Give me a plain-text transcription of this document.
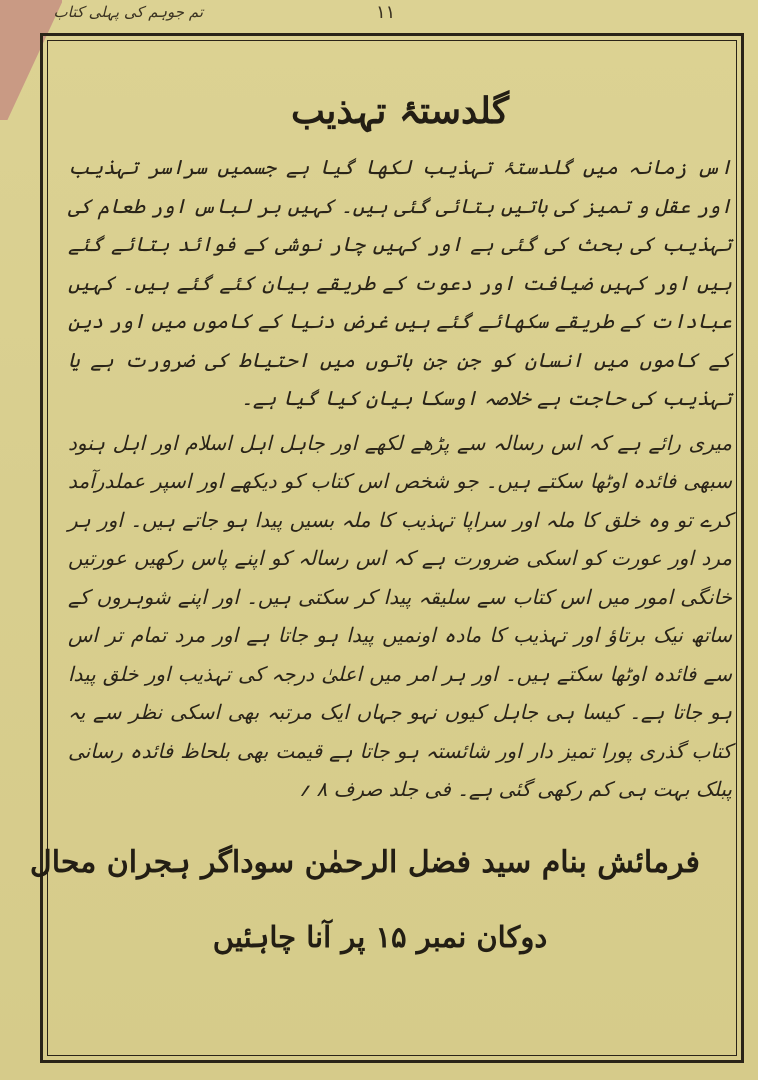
تم جوہم کی پہلی کتاب	۱۱
گلدستۂ تہذیب

اس زمانہ میں گلدستۂ تہذیب لکھا گیا ہے جسمیں سراسر تہذیب اور عقل و تمیز کی باتیں بتائی گئی ہیں۔ کہیں بر لباس اور طعام کی تہذیب کی بحث کی گئی ہے اور کہیں چار نوشی کے فوائد بتائے گئے ہیں اور کہیں ضیافت اور دعوت کے طریقے بیان کئے گئے ہیں۔ کہیں عبادات کے طریقے سکھائے گئے ہیں غرض دنیا کے کاموں میں اور دین کے کاموں میں انسان کو جن جن باتوں میں احتیاط کی ضرورت ہے یا تہذیب کی حاجت ہے خلاصہ اوسکا بیان کیا گیا ہے۔

میری رائے ہے کہ اس رسالہ سے پڑھے لکھے اور جاہل اہل اسلام اور اہل ہنود سبھی فائدہ اوٹھا سکتے ہیں۔ جو شخص اس کتاب کو دیکھے اور اسپر عملدرآمد کرے تو وہ خلق کا ملہ اور سراپا تہذیب کا ملہ بسیں پیدا ہو جاتے ہیں۔ اور ہر مرد اور عورت کو اسکی ضرورت ہے کہ اس رسالہ کو اپنے پاس رکھیں عورتیں خانگی امور میں اس کتاب سے سلیقہ پیدا کر سکتی ہیں۔ اور اپنے شوہروں کے ساتھ نیک برتاؤ اور تہذیب کا مادہ اونمیں پیدا ہو جاتا ہے اور مرد تمام تر اس سے فائدہ اوٹھا سکتے ہیں۔ اور ہر امر میں اعلیٰ درجہ کی تہذیب اور خلق پیدا ہو جاتا ہے۔ کیسا ہی جاہل کیوں نہو جہاں ایک مرتبہ بھی اسکی نظر سے یہ کتاب گذری پورا تمیز دار اور شائستہ ہو جاتا ہے قیمت بھی بلحاظ فائدہ رسانی پبلک بہت ہی کم رکھی گئی ہے۔ فی جلد صرف ۸ ؍

فرمائش بنام سید فضل الرحمٰن سوداگر ہجران محال
دوکان نمبر ۱۵ پر آنا چاہئیں
